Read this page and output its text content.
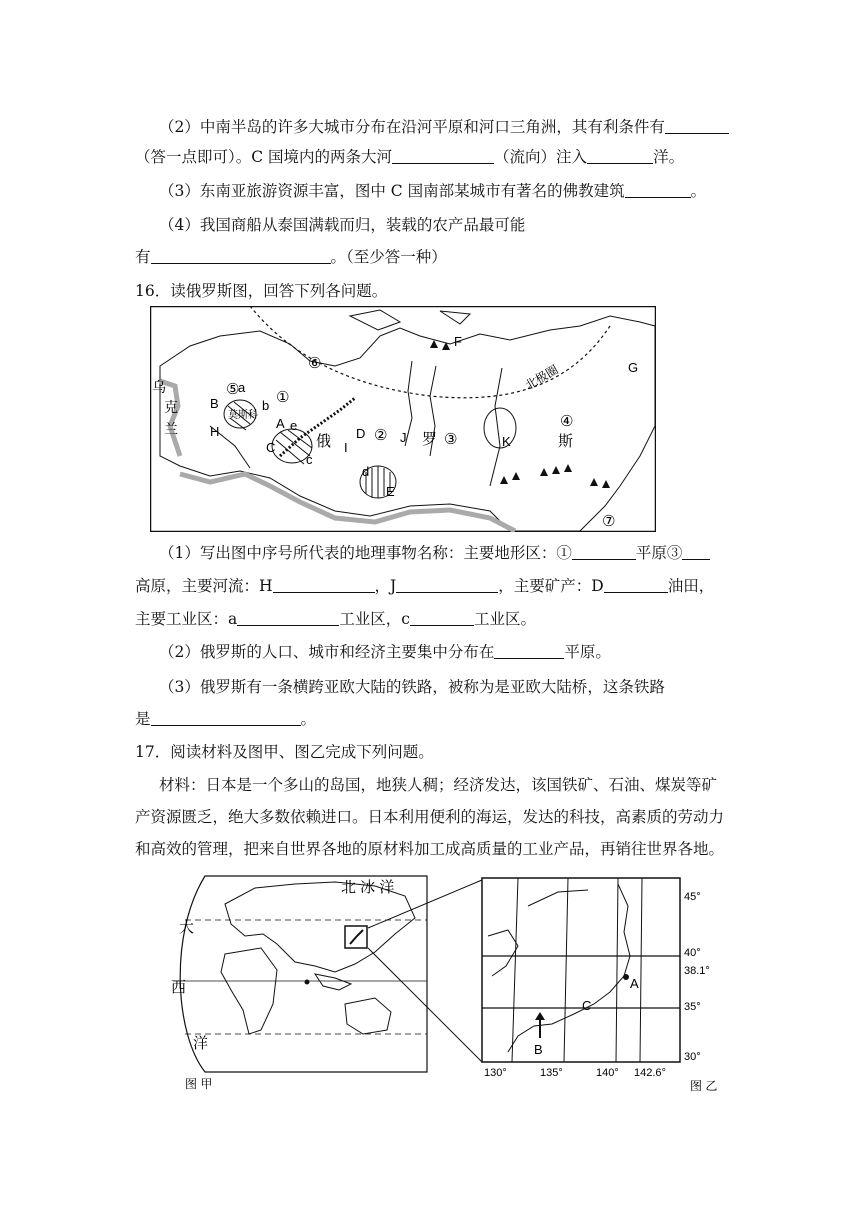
（2）中南半岛的许多大城市分布在沿河平原和河口三角洲，其有利条件有
（答一点即可）。C 国境内的两条大河	（流向）注入	洋。
（3）东南亚旅游资源丰富，图中 C 国南部某城市有著名的佛教建筑	。
（4）我国商船从泰国满载而归，装载的农产品最可能
有	。（至少答一种）
16．读俄罗斯图，回答下列各问题。
乌
克
兰
莫斯科
北极圈
俄	罗	斯
A
B
C
D
E
F
G
H
I
J	K
a
b
c
d
e
①
②	③
④
⑤
⑥
⑦
（1）写出图中序号所代表的地理事物名称：主要地形区：①	平原③
高原，主要河流：H	，J	，主要矿产：D	油田，
主要工业区：a	工业区，c	工业区。
（2）俄罗斯的人口、城市和经济主要集中分布在	平原。
（3）俄罗斯有一条横跨亚欧大陆的铁路，被称为是亚欧大陆桥，这条铁路
是	。
17．阅读材料及图甲、图乙完成下列问题。
材料：日本是一个多山的岛国，地狭人稠；经济发达，该国铁矿、石油、煤炭等矿
产资源匮乏，绝大多数依赖进口。日本利用便利的海运，发达的科技，高素质的劳动力
和高效的管理，把来自世界各地的原材料加工成高质量的工业产品，再销往世界各地。
北 冰 洋
大
西
洋
图 甲
A
B
C
45°
40°
38.1°
35°
30°
130°	135°	140° 142.6°
图 乙
